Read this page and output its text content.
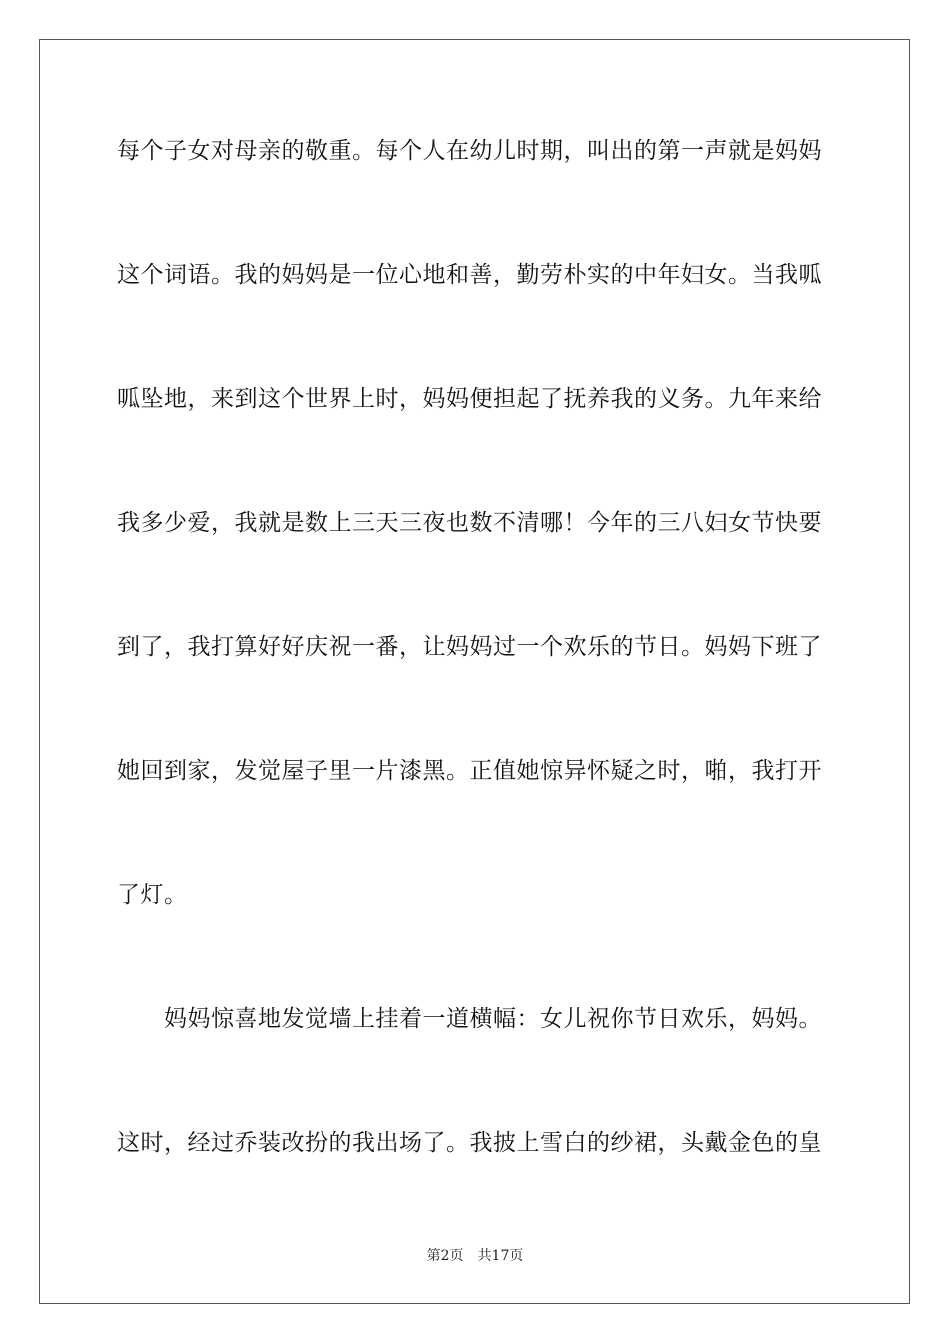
每个子女对母亲的敬重。每个人在幼儿时期，叫出的第一声就是妈妈
这个词语。我的妈妈是一位心地和善，勤劳朴实的中年妇女。当我呱
呱坠地，来到这个世界上时，妈妈便担起了抚养我的义务。九年来给
我多少爱，我就是数上三天三夜也数不清哪！今年的三八妇女节快要
到了，我打算好好庆祝一番，让妈妈过一个欢乐的节日。妈妈下班了
她回到家，发觉屋子里一片漆黑。正值她惊异怀疑之时，啪，我打开
了灯。
妈妈惊喜地发觉墙上挂着一道横幅：女儿祝你节日欢乐，妈妈。
这时，经过乔装改扮的我出场了。我披上雪白的纱裙，头戴金色的皇
第2页 共17页
